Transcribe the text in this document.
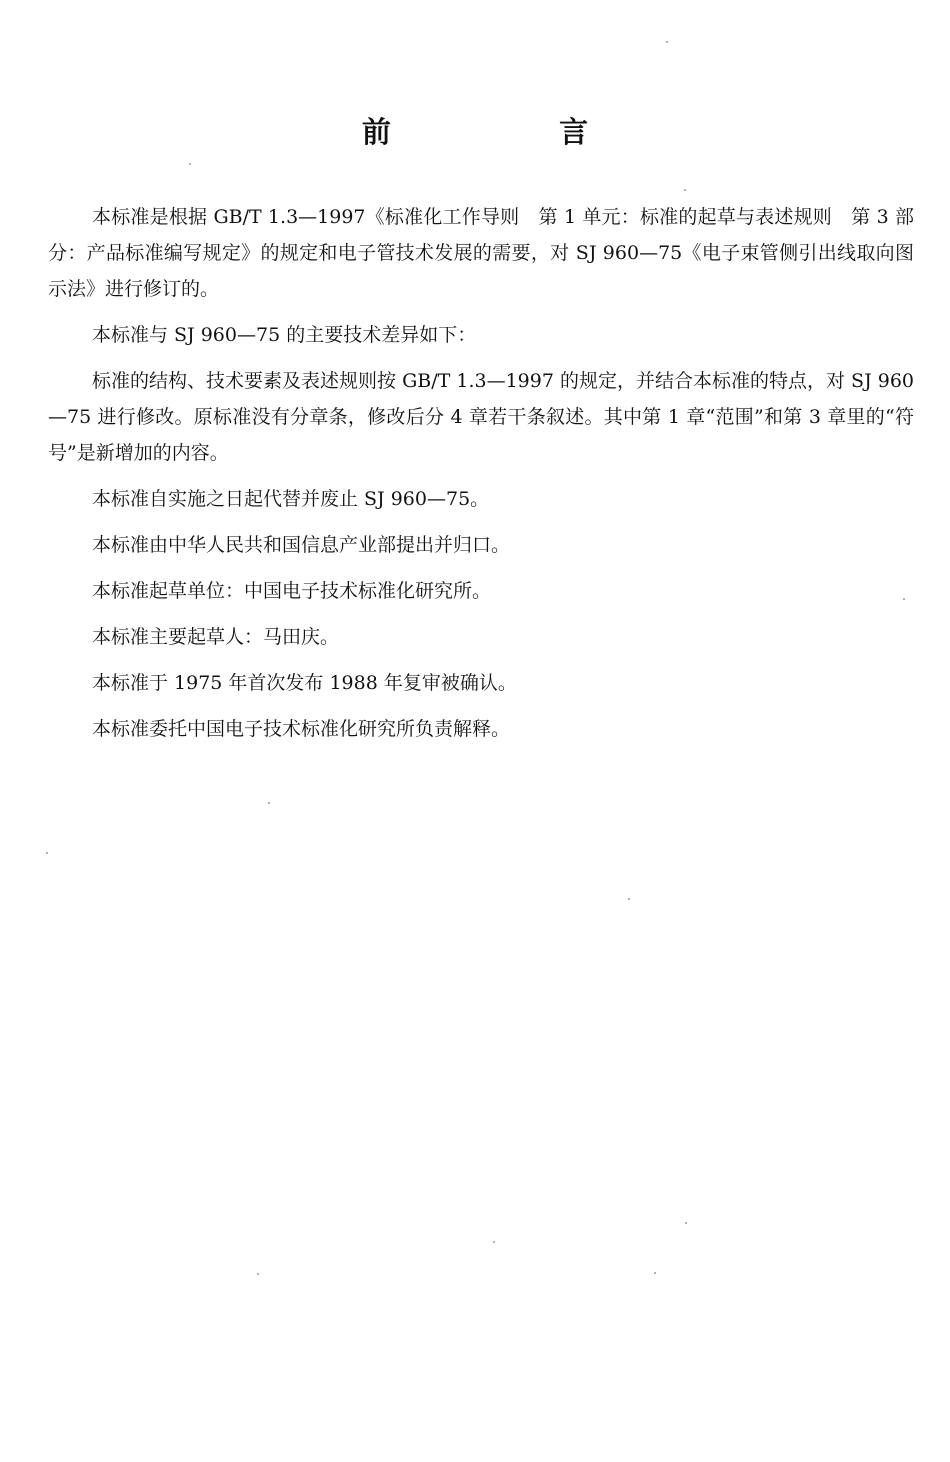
前　言

本标准是根据 GB/T 1.3—1997《标准化工作导则　第 1 单元：标准的起草与表述规则　第 3 部分：产品标准编写规定》的规定和电子管技术发展的需要，对 SJ 960—75《电子束管侧引出线取向图示法》进行修订的。

本标准与 SJ 960—75 的主要技术差异如下：

标准的结构、技术要素及表述规则按 GB/T 1.3—1997 的规定，并结合本标准的特点，对 SJ 960—75 进行修改。原标准没有分章条，修改后分 4 章若干条叙述。其中第 1 章“范围”和第 3 章里的“符号”是新增加的内容。

本标准自实施之日起代替并废止 SJ 960—75。

本标准由中华人民共和国信息产业部提出并归口。

本标准起草单位：中国电子技术标准化研究所。

本标准主要起草人：马田庆。

本标准于 1975 年首次发布 1988 年复审被确认。

本标准委托中国电子技术标准化研究所负责解释。
